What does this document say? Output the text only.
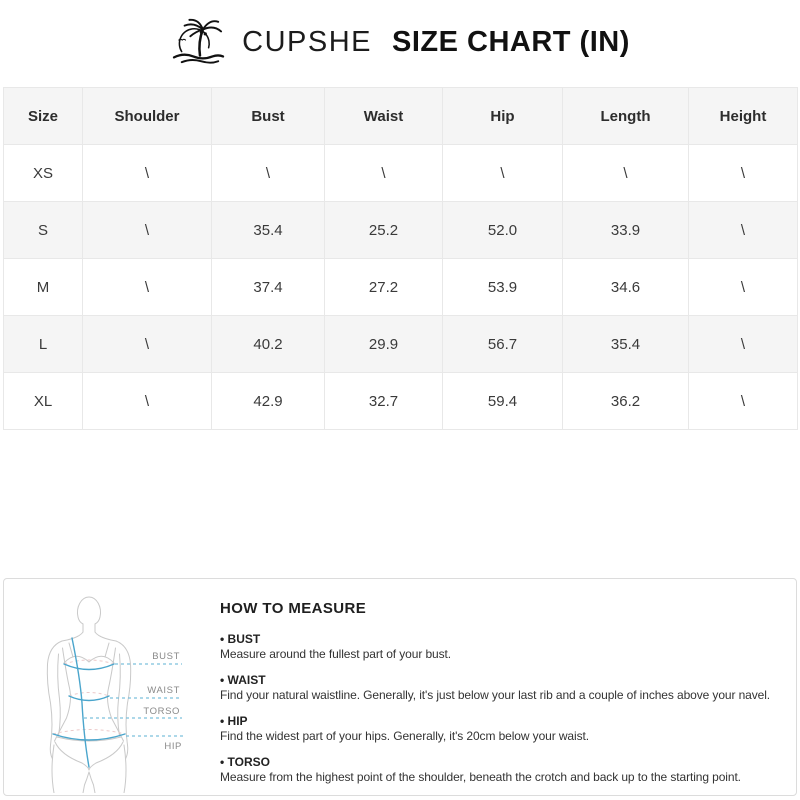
CUPSHE SIZE CHART (IN)
Size	Shoulder	Bust	Waist	Hip	Length	Height
XS	\	\	\	\	\	\
S	\	35.4	25.2	52.0	33.9	\
M	\	37.4	27.2	53.9	34.6	\
L	\	40.2	29.9	56.7	35.4	\
XL	\	42.9	32.7	59.4	36.2	\
BUST
WAIST
TORSO
HIP
HOW TO MEASURE
• BUST
Measure around the fullest part of your bust.
• WAIST
Find your natural waistline. Generally, it's just below your last rib and a couple of inches above your navel.
• HIP
Find the widest part of your hips. Generally, it's 20cm below your waist.
• TORSO
Measure from the highest point of the shoulder, beneath the crotch and back up to the starting point.
